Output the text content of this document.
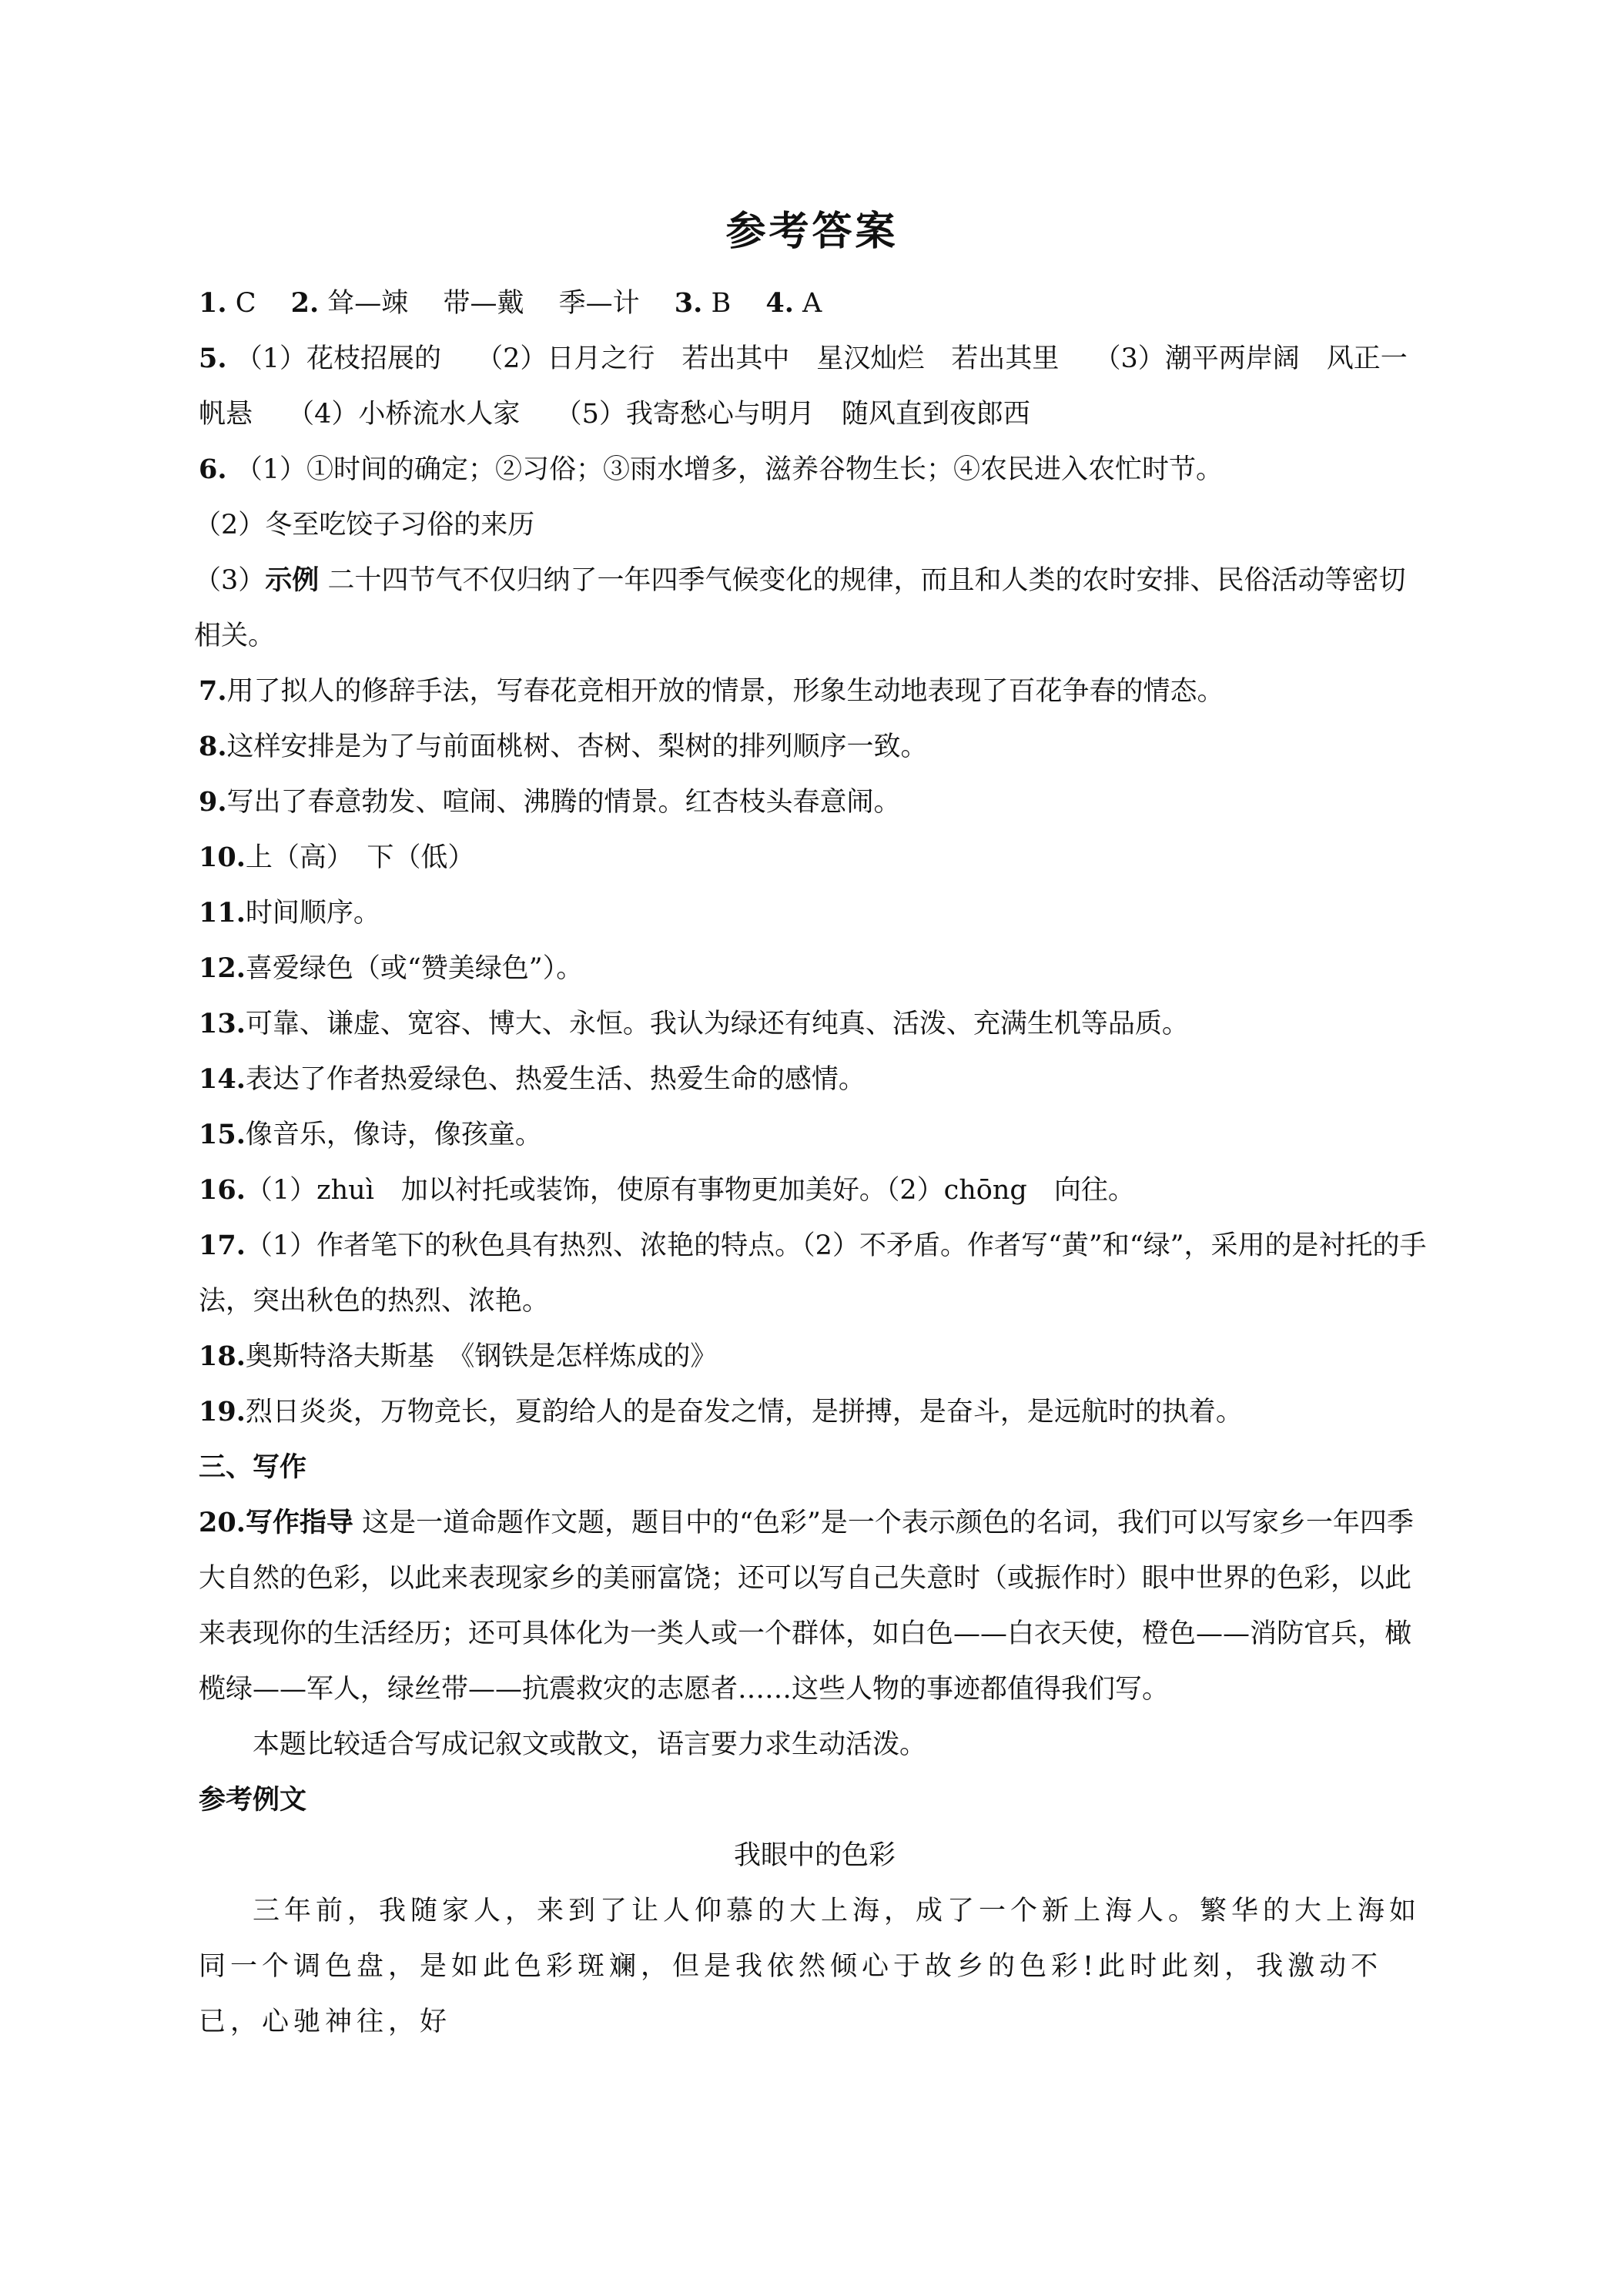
参考答案

1. C 2. 耸—竦 带—戴 季—计 3. B 4. A

5. （1）花枝招展的 （2）日月之行　若出其中　星汉灿烂　若出其里 （3）潮平两岸阔　风正一帆悬 （4）小桥流水人家 （5）我寄愁心与明月　随风直到夜郎西

6. （1）①时间的确定；②习俗；③雨水增多，滋养谷物生长；④农民进入农忙时节。

（2）冬至吃饺子习俗的来历

（3）示例 二十四节气不仅归纳了一年四季气候变化的规律，而且和人类的农时安排、民俗活动等密切相关。

7.用了拟人的修辞手法，写春花竞相开放的情景，形象生动地表现了百花争春的情态。

8.这样安排是为了与前面桃树、杏树、梨树的排列顺序一致。

9.写出了春意勃发、喧闹、沸腾的情景。红杏枝头春意闹。

10.上（高）　下（低）

11.时间顺序。

12.喜爱绿色（或“赞美绿色”）。

13.可靠、谦虚、宽容、博大、永恒。我认为绿还有纯真、活泼、充满生机等品质。

14.表达了作者热爱绿色、热爱生活、热爱生命的感情。

15.像音乐，像诗，像孩童。

16.（1）zhuì　加以衬托或装饰，使原有事物更加美好。（2）chōng　向往。

17.（1）作者笔下的秋色具有热烈、浓艳的特点。（2）不矛盾。作者写“黄”和“绿”，采用的是衬托的手法，突出秋色的热烈、浓艳。

18.奥斯特洛夫斯基　《钢铁是怎样炼成的》

19.烈日炎炎，万物竞长，夏韵给人的是奋发之情，是拼搏，是奋斗，是远航时的执着。

三、写作

20.写作指导 这是一道命题作文题，题目中的“色彩”是一个表示颜色的名词，我们可以写家乡一年四季大自然的色彩，以此来表现家乡的美丽富饶；还可以写自己失意时（或振作时）眼中世界的色彩，以此来表现你的生活经历；还可具体化为一类人或一个群体，如白色——白衣天使，橙色——消防官兵，橄榄绿——军人，绿丝带——抗震救灾的志愿者……这些人物的事迹都值得我们写。

本题比较适合写成记叙文或散文，语言要力求生动活泼。

参考例文

我眼中的色彩

三年前，我随家人，来到了让人仰慕的大上海，成了一个新上海人。繁华的大上海如同一个调色盘，是如此色彩斑斓，但是我依然倾心于故乡的色彩!此时此刻，我激动不已，心驰神往，好
